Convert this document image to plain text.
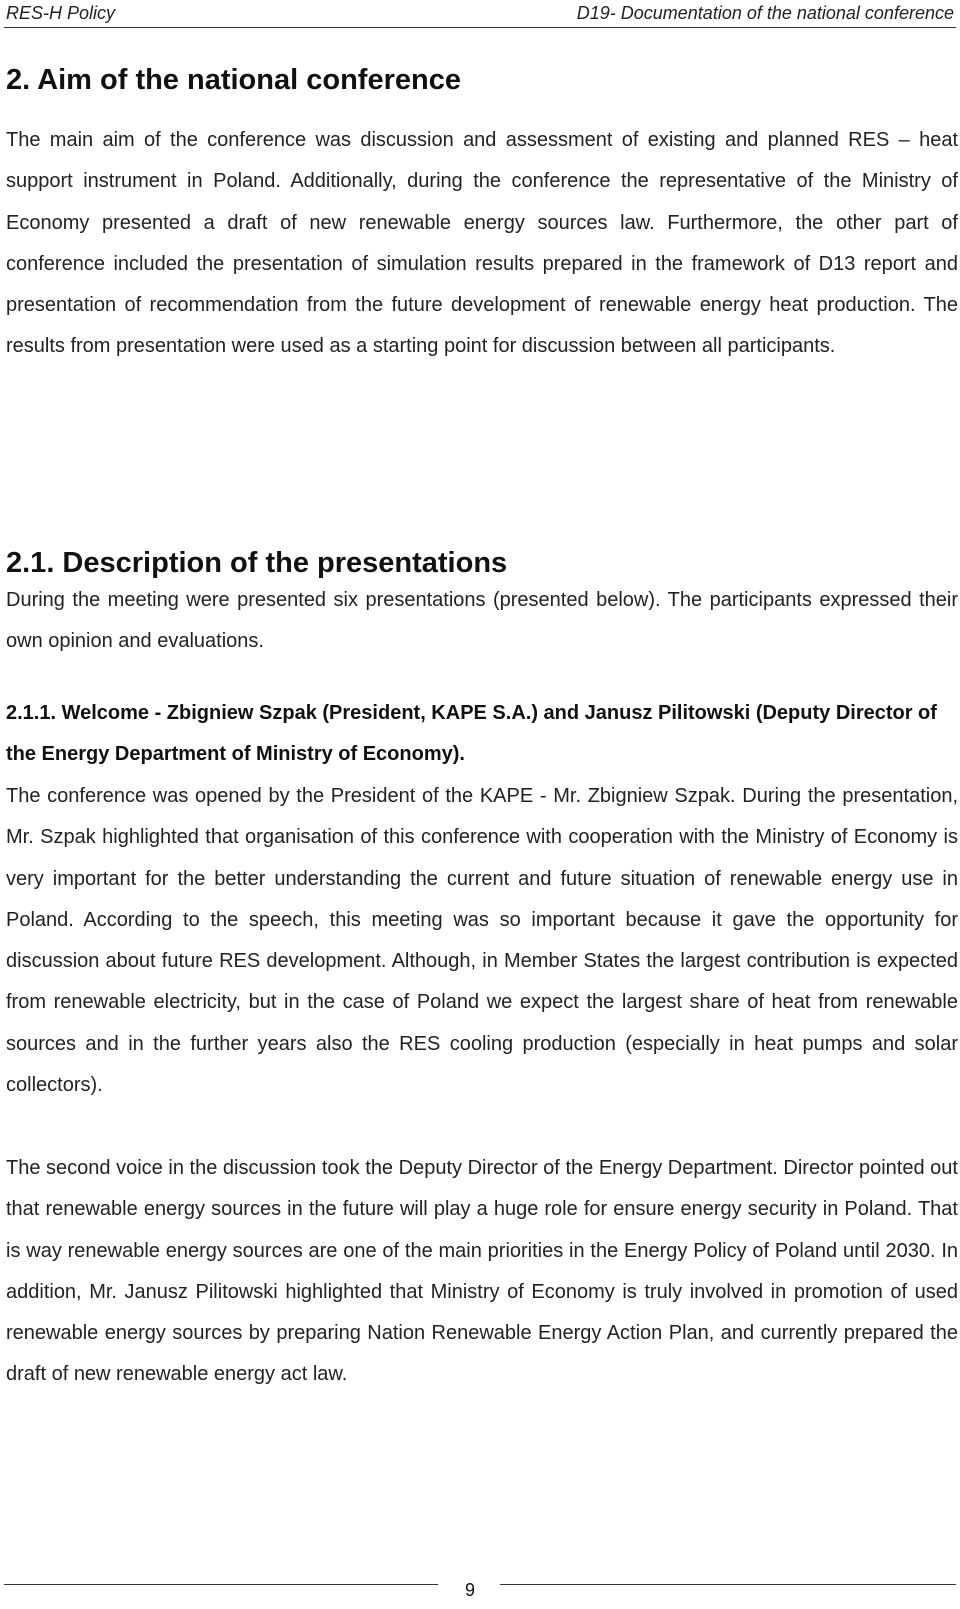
RES-H Policy	D19- Documentation of the national conference
2. Aim of the national conference
The main aim of the conference was discussion and assessment of existing and planned RES – heat support instrument in Poland. Additionally, during the conference the representative of the Ministry of Economy presented a draft of new renewable energy sources law. Furthermore, the other part of conference included the presentation of simulation results prepared in the framework of D13 report and presentation of recommendation from the future development of renewable energy heat production. The results from presentation were used as a starting point for discussion between all participants.
2.1. Description of the presentations
During the meeting were presented six presentations (presented below). The participants expressed their own opinion and evaluations.
2.1.1. Welcome - Zbigniew Szpak (President, KAPE S.A.) and Janusz Pilitowski (Deputy Director of the Energy Department of Ministry of Economy).
The conference was opened by the President of the KAPE - Mr. Zbigniew Szpak. During the presentation, Mr. Szpak highlighted that organisation of this conference with cooperation with the Ministry of Economy is very important for the better understanding the current and future situation of renewable energy use in Poland. According to the speech, this meeting was so important because it gave the opportunity for discussion about future RES development. Although, in Member States the largest contribution is expected from renewable electricity, but in the case of Poland we expect the largest share of heat from renewable sources and in the further years also the RES cooling production (especially in heat pumps and solar collectors).
The second voice in the discussion took the Deputy Director of the Energy Department. Director pointed out that renewable energy sources in the future will play a huge role for ensure energy security in Poland. That is way renewable energy sources are one of the main priorities in the Energy Policy of Poland until 2030. In addition, Mr. Janusz Pilitowski highlighted that Ministry of Economy is truly involved in promotion of used renewable energy sources by preparing Nation Renewable Energy Action Plan, and currently prepared the draft of new renewable energy act law.
9
